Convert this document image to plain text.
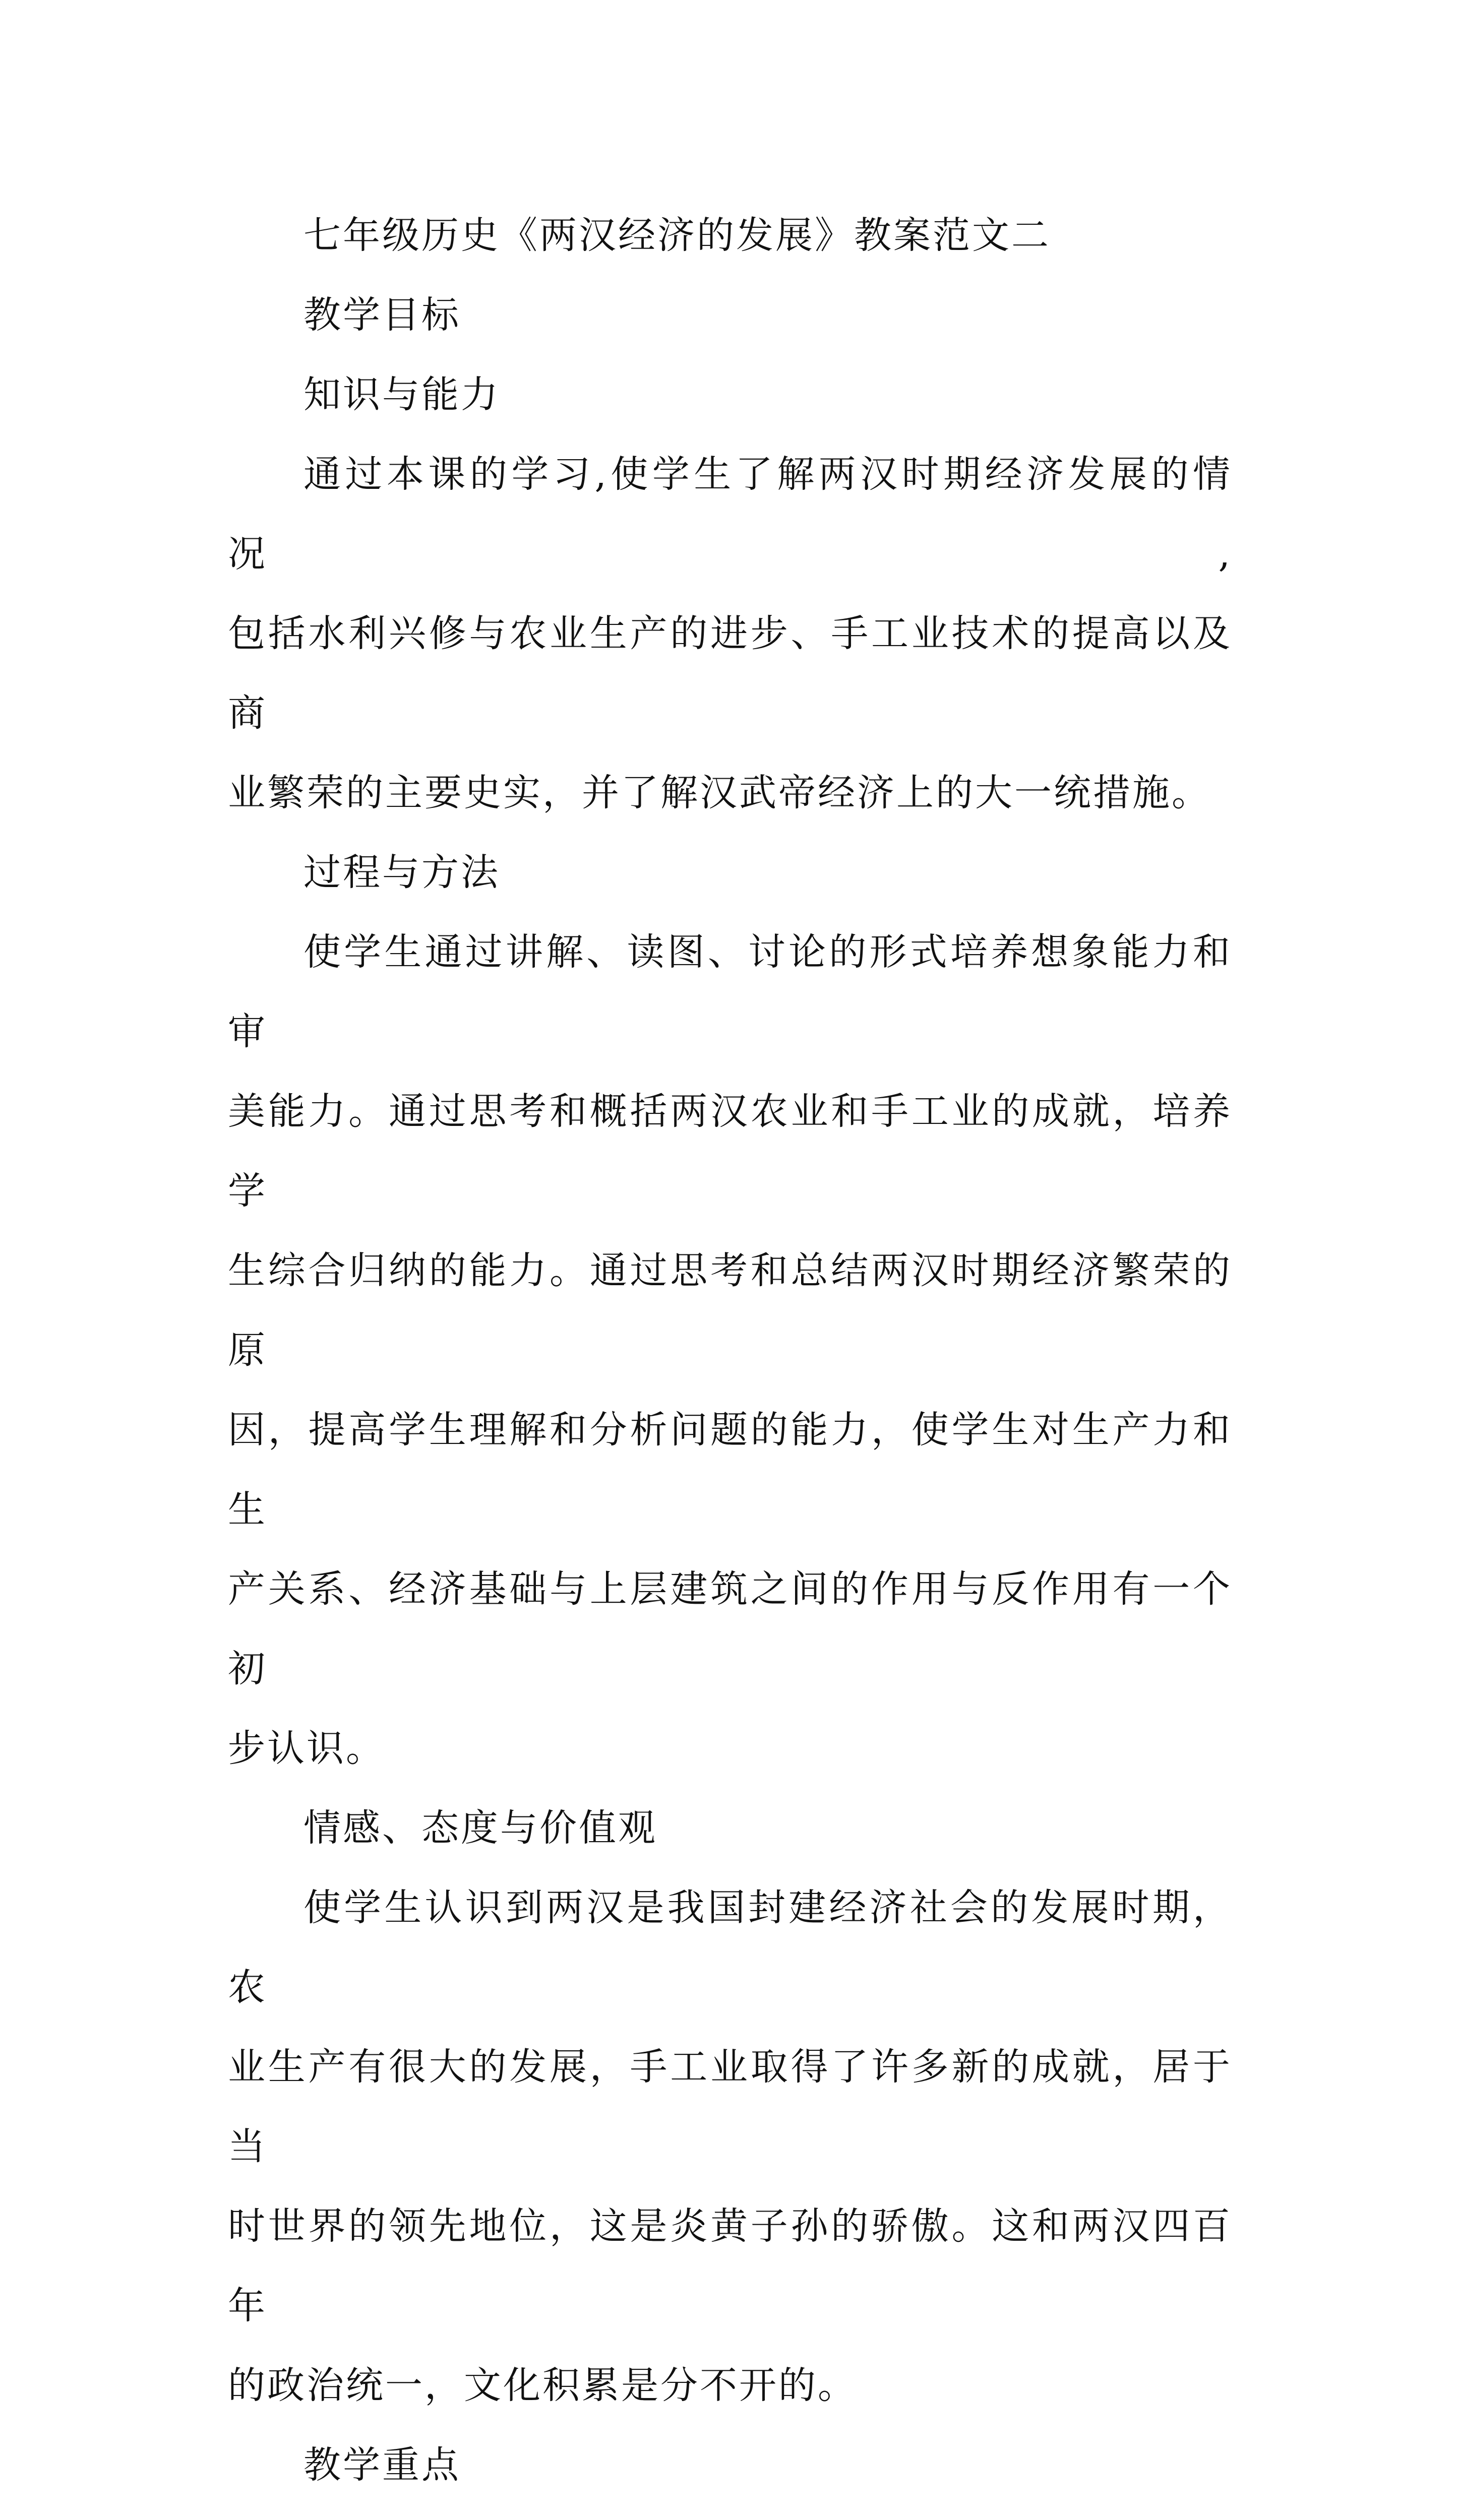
七年级历史《两汉经济的发展》教案范文二

教学目标

知识与能力

通过本课的学习,使学生了解两汉时期经济发展的情况,

包括水利兴修与农业生产的进步、手工业技术的提高以及商

业繁荣的主要史实，并了解汉武帝经济上的大一统措施。

过程与方法

使学生通过讲解、读图、讨论的形式培养想象能力和审

美能力。通过思考和概括两汉农业和手工业的成就，培养学

生综合归纳的能力。通过思考和总结两汉时期经济繁荣的原

因，提高学生理解和分析问题的能力，使学生对生产力和生

产关系、经济基础与上层建筑之间的作用与反作用有一个初

步认识。

情感、态度与价值观

使学生认识到两汉是我国封建经济社会的发展时期，农

业生产有很大的发展，手工业取得了许多新的成就，居于当

时世界的领先地位，这是炎黄子孙的骄傲。这和两汉四百年

的政治统一，文化积累是分不开的。

教学重点
